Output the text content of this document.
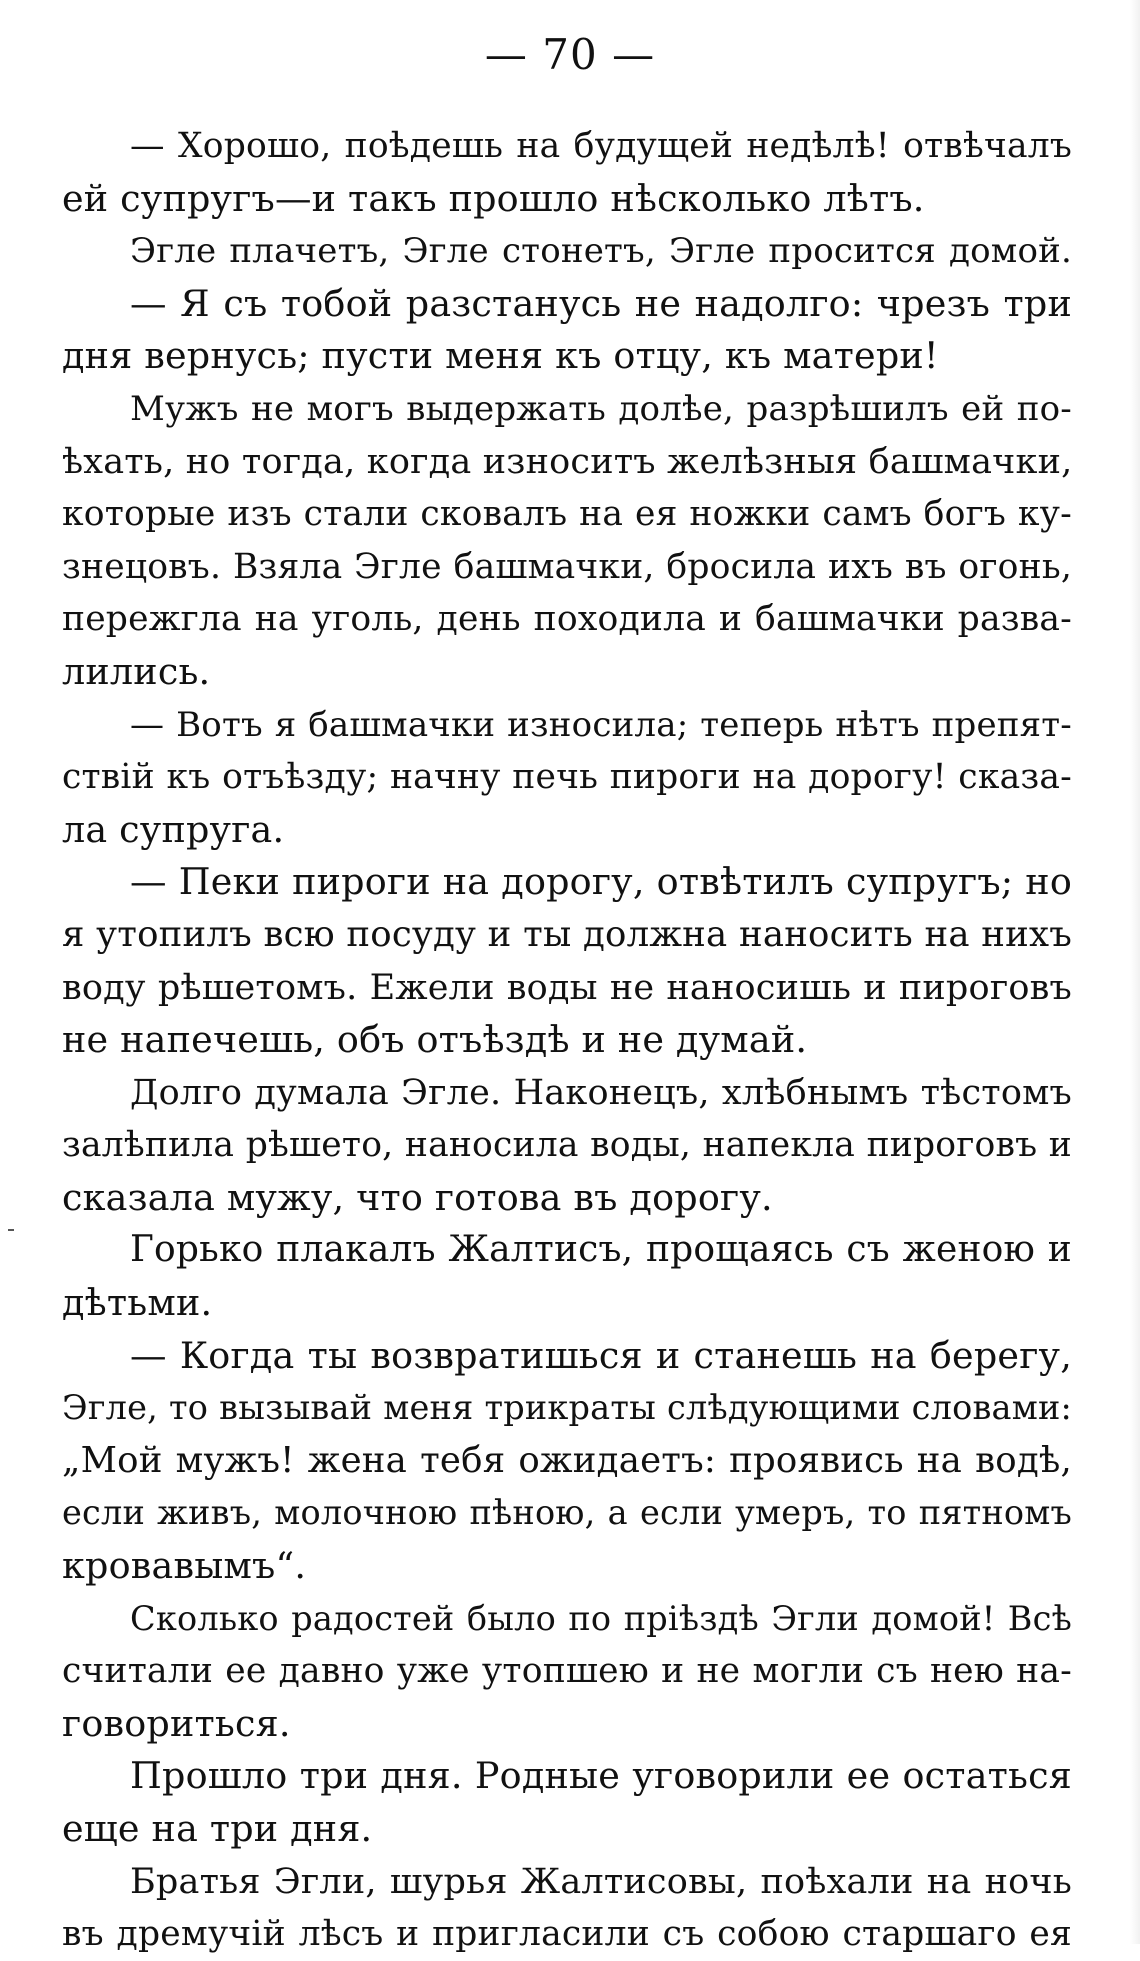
— 70 —
— Хорошо, поѣдешь на будущей недѣлѣ! отвѣчалъ
ей супругъ—и такъ прошло нѣсколько лѣтъ.
Эгле плачетъ, Эгле стонетъ, Эгле просится домой.
— Я съ тобой разстанусь не надолго: чрезъ три
дня вернусь; пусти меня къ отцу, къ матери!
Мужъ не могъ выдержать долѣе, разрѣшилъ ей по-
ѣхать, но тогда, когда износитъ желѣзныя башмачки,
которые изъ стали сковалъ на ея ножки самъ богъ ку-
знецовъ. Взяла Эгле башмачки, бросила ихъ въ огонь,
пережгла на уголь, день походила и башмачки разва-
лились.
— Вотъ я башмачки износила; теперь нѣтъ препят-
ствій къ отъѣзду; начну печь пироги на дорогу! сказа-
ла супруга.
— Пеки пироги на дорогу, отвѣтилъ супругъ; но
я утопилъ всю посуду и ты должна наносить на нихъ
воду рѣшетомъ. Ежели воды не наносишь и пироговъ
не напечешь, объ отъѣздѣ и не думай.
Долго думала Эгле. Наконецъ, хлѣбнымъ тѣстомъ
залѣпила рѣшето, наносила воды, напекла пироговъ и
сказала мужу, что готова въ дорогу.
Горько плакалъ Жалтисъ, прощаясь съ женою и
дѣтьми.
— Когда ты возвратишься и станешь на берегу,
Эгле, то вызывай меня трикраты слѣдующими словами:
„Мой мужъ! жена тебя ожидаетъ: проявись на водѣ,
если живъ, молочною пѣною, а если умеръ, то пятномъ
кровавымъ“.
Сколько радостей было по пріѣздѣ Эгли домой! Всѣ
считали ее давно уже утопшею и не могли съ нею на-
говориться.
Прошло три дня. Родные уговорили ее остаться
еще на три дня.
Братья Эгли, шурья Жалтисовы, поѣхали на ночь
въ дремучій лѣсъ и пригласили съ собою старшаго ея
